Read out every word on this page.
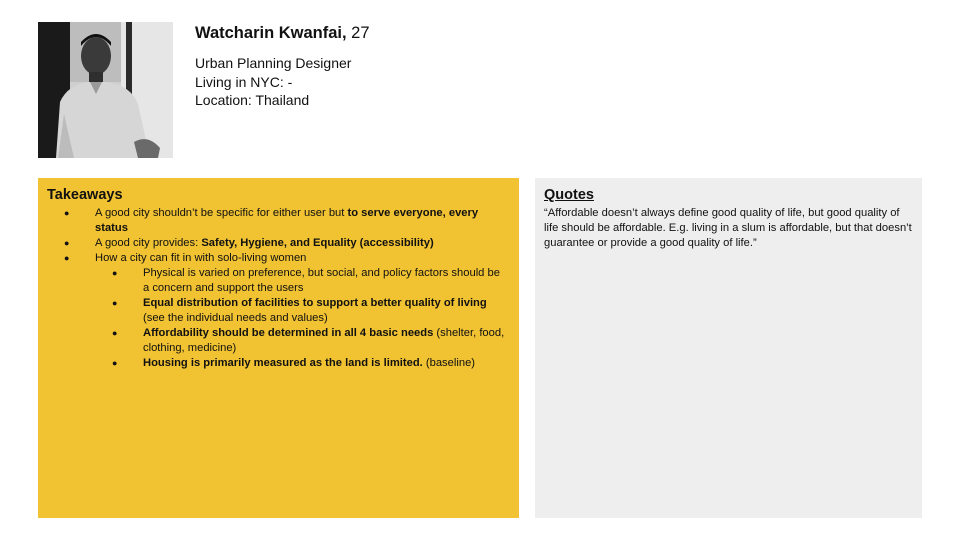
Watcharin Kwanfai, 27

Urban Planning Designer
Living in NYC: -
Location: Thailand
Takeaways
● A good city shouldn’t be specific for either user but to serve everyone, every status
● A good city provides: Safety, Hygiene, and Equality (accessibility)
● How a city can fit in with solo-living women
● Physical is varied on preference, but social, and policy factors should be a concern and support the users
● Equal distribution of facilities to support a better quality of living (see the individual needs and values)
● Affordability should be determined in all 4 basic needs (shelter, food, clothing, medicine)
● Housing is primarily measured as the land is limited. (baseline)
Quotes

“Affordable doesn’t always define good quality of life, but good quality of life should be affordable. E.g. living in a slum is affordable, but that doesn’t guarantee or provide a good quality of life.”
